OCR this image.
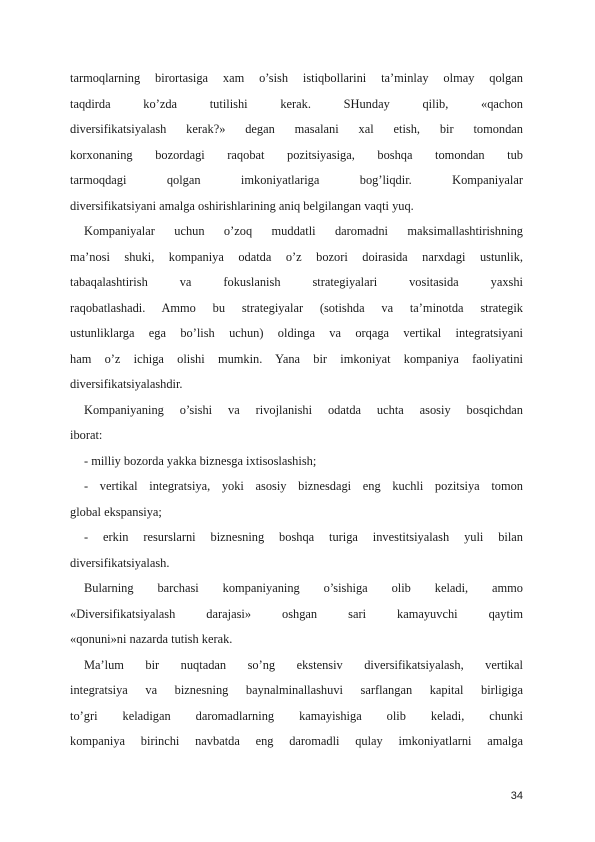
tarmoqlarning birortasiga xam o’sish istiqbollarini ta’minlay olmay qolgan
taqdirda ko’zda tutilishi kerak. SHunday qilib, «qachon
diversifikatsiyalash kerak?» degan masalani xal etish, bir tomondan
korxonaning bozordagi raqobat pozitsiyasiga, boshqa tomondan tub
tarmoqdagi qolgan imkoniyatlariga bog’liqdir. Kompaniyalar
diversifikatsiyani amalga oshirishlarining aniq belgilangan vaqti yuq.
Kompaniyalar uchun o’zoq muddatli daromadni maksimallashtirishning
ma’nosi shuki, kompaniya odatda o’z bozori doirasida narxdagi ustunlik,
tabaqalashtirish va fokuslanish strategiyalari vositasida yaxshi
raqobatlashadi. Ammo bu strategiyalar (sotishda va ta’minotda strategik
ustunliklarga ega bo’lish uchun) oldinga va orqaga vertikal integratsiyani
ham o’z ichiga olishi mumkin. Yana bir imkoniyat kompaniya faoliyatini
diversifikatsiyalashdir.
Kompaniyaning o’sishi va rivojlanishi odatda uchta asosiy bosqichdan
iborat:
- milliy bozorda yakka biznesga ixtisoslashish;
- vertikal integratsiya, yoki asosiy biznesdagi eng kuchli pozitsiya tomon
global ekspansiya;
- erkin resurslarni biznesning boshqa turiga investitsiyalash yuli bilan
diversifikatsiyalash.
Bularning barchasi kompaniyaning o’sishiga olib keladi, ammo
«Diversifikatsiyalash darajasi» oshgan sari kamayuvchi qaytim
«qonuni»ni nazarda tutish kerak.
Ma’lum bir nuqtadan so’ng ekstensiv diversifikatsiyalash, vertikal
integratsiya va biznesning baynalminallashuvi sarflangan kapital birligiga
to’gri keladigan daromadlarning kamayishiga olib keladi, chunki
kompaniya birinchi navbatda eng daromadli qulay imkoniyatlarni amalga
34
